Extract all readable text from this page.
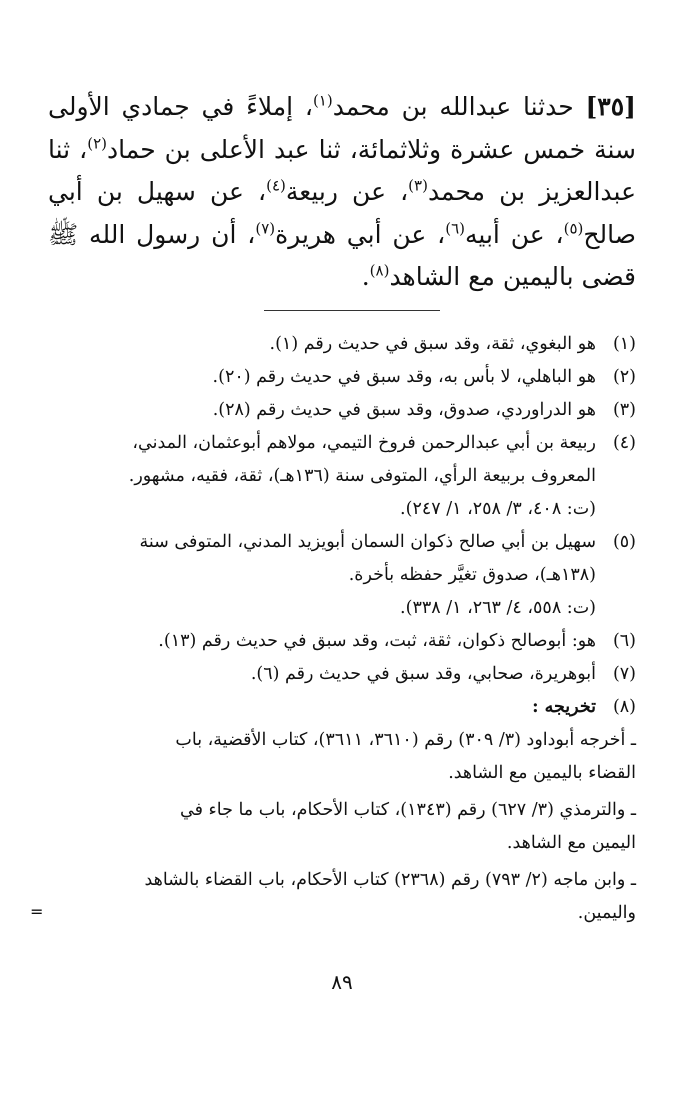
[٣٥] حدثنا عبدالله بن محمد$^{(١)}$، إملاءً في جمادي الأولى سنة خمس عشرة وثلاثمائة، ثنا عبد الأعلى بن حماد$^{(٢)}$، ثنا عبدالعزيز بن محمد$^{(٣)}$، عن ربيعة$^{(٤)}$، عن سهيل بن أبي صالح$^{(٥)}$، عن أبيه$^{(٦)}$، عن أبي هريرة$^{(٧)}$، أن رسول الله ﷺ قضى باليمين مع الشاهد$^{(٨)}$.
(١)
هو البغوي، ثقة، وقد سبق في حديث رقم (١).
(٢)
هو الباهلي، لا بأس به، وقد سبق في حديث رقم (٢٠).
(٣)
هو الدراوردي، صدوق، وقد سبق في حديث رقم (٢٨).
(٤)
ربيعة بن أبي عبدالرحمن فروخ التيمي، مولاهم أبوعثمان، المدني،
المعروف بربيعة الرأي، المتوفى سنة (١٣٦هـ)، ثقة، فقيه، مشهور.
(ت: ٤٠٨، ٣/ ٢٥٨، ١/ ٢٤٧).
(٥)
سهيل بن أبي صالح ذكوان السمان أبويزيد المدني، المتوفى سنة
(١٣٨هـ)، صدوق تغيَّر حفظه بأخرة.
(ت: ٥٥٨، ٤/ ٢٦٣، ١/ ٣٣٨).
(٦)
هو: أبوصالح ذكوان، ثقة، ثبت، وقد سبق في حديث رقم (١٣).
(٧)
أبوهريرة، صحابي، وقد سبق في حديث رقم (٦).
(٨)
تخريجه :
ـ أخرجه أبوداود (٣/ ٣٠٩) رقم (٣٦١٠، ٣٦١١)، كتاب الأقضية، باب
القضاء باليمين مع الشاهد.
ـ والترمذي (٣/ ٦٢٧) رقم (١٣٤٣)، كتاب الأحكام، باب ما جاء في
اليمين مع الشاهد.
ـ وابن ماجه (٢/ ٧٩٣) رقم (٢٣٦٨) كتاب الأحكام، باب القضاء بالشاهد
واليمين.
=
٨٩
